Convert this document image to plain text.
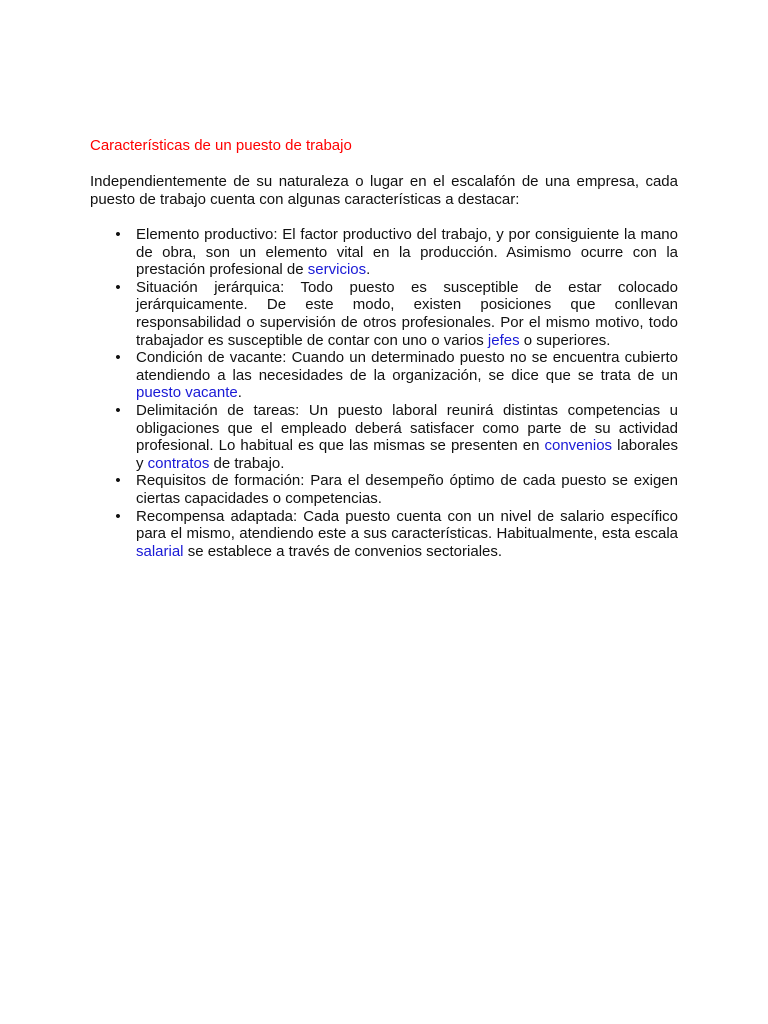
Características de un puesto de trabajo

Independientemente de su naturaleza o lugar en el escalafón de una empresa, cada puesto de trabajo cuenta con algunas características a destacar:

• Elemento productivo: El factor productivo del trabajo, y por consiguiente la mano de obra, son un elemento vital en la producción. Asimismo ocurre con la prestación profesional de servicios.
• Situación jerárquica: Todo puesto es susceptible de estar colocado jerárquicamente. De este modo, existen posiciones que conllevan responsabilidad o supervisión de otros profesionales. Por el mismo motivo, todo trabajador es susceptible de contar con uno o varios jefes o superiores.
• Condición de vacante: Cuando un determinado puesto no se encuentra cubierto atendiendo a las necesidades de la organización, se dice que se trata de un puesto vacante.
• Delimitación de tareas: Un puesto laboral reunirá distintas competencias u obligaciones que el empleado deberá satisfacer como parte de su actividad profesional. Lo habitual es que las mismas se presenten en convenios laborales y contratos de trabajo.
• Requisitos de formación: Para el desempeño óptimo de cada puesto se exigen ciertas capacidades o competencias.
• Recompensa adaptada: Cada puesto cuenta con un nivel de salario específico para el mismo, atendiendo este a sus características. Habitualmente, esta escala salarial se establece a través de convenios sectoriales.
